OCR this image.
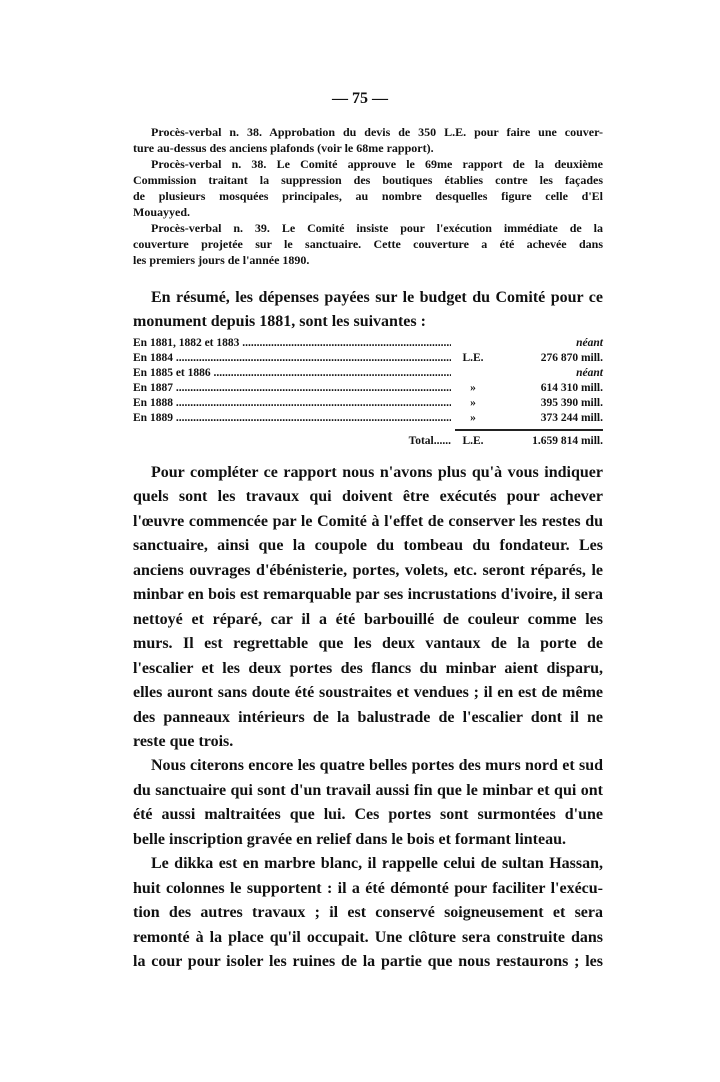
— 75 —
Procès-verbal n. 38. Approbation du devis de 350 L.E. pour faire une couver-
ture au-dessus des anciens plafonds (voir le 68me rapport).
Procès-verbal n. 38. Le Comité approuve le 69me rapport de la deuxième
Commission traitant la suppression des boutiques établies contre les façades
de plusieurs mosquées principales, au nombre desquelles figure celle d'El
Mouayyed.
Procès-verbal n. 39. Le Comité insiste pour l'exécution immédiate de la
couverture projetée sur le sanctuaire. Cette couverture a été achevée dans
les premiers jours de l'année 1890.
En résumé, les dépenses payées sur le budget du Comité pour ce
monument depuis 1881, sont les suivantes :
En 1881, 1882 et 1883 .....	néant
En 1884 .....	L.E.	276 870 mill.
En 1885 et 1886 .....	néant
En 1887 .....	»	614 310 mill.
En 1888 .....	»	395 390 mill.
En 1889 .....	»	373 244 mill.
Total...... L.E.	1.659 814 mill.
Pour compléter ce rapport nous n'avons plus qu'à vous indiquer
quels sont les travaux qui doivent être exécutés pour achever
l'œuvre commencée par le Comité à l'effet de conserver les restes du
sanctuaire, ainsi que la coupole du tombeau du fondateur. Les
anciens ouvrages d'ébénisterie, portes, volets, etc. seront réparés, le
minbar en bois est remarquable par ses incrustations d'ivoire, il sera
nettoyé et réparé, car il a été barbouillé de couleur comme les
murs. Il est regrettable que les deux vantaux de la porte de
l'escalier et les deux portes des flancs du minbar aient disparu,
elles auront sans doute été soustraites et vendues ; il en est de même
des panneaux intérieurs de la balustrade de l'escalier dont il ne
reste que trois.
Nous citerons encore les quatre belles portes des murs nord et sud
du sanctuaire qui sont d'un travail aussi fin que le minbar et qui ont
été aussi maltraitées que lui. Ces portes sont surmontées d'une
belle inscription gravée en relief dans le bois et formant linteau.
Le dikka est en marbre blanc, il rappelle celui de sultan Hassan,
huit colonnes le supportent : il a été démonté pour faciliter l'exécu-
tion des autres travaux ; il est conservé soigneusement et sera
remonté à la place qu'il occupait. Une clôture sera construite dans
la cour pour isoler les ruines de la partie que nous restaurons ; les
